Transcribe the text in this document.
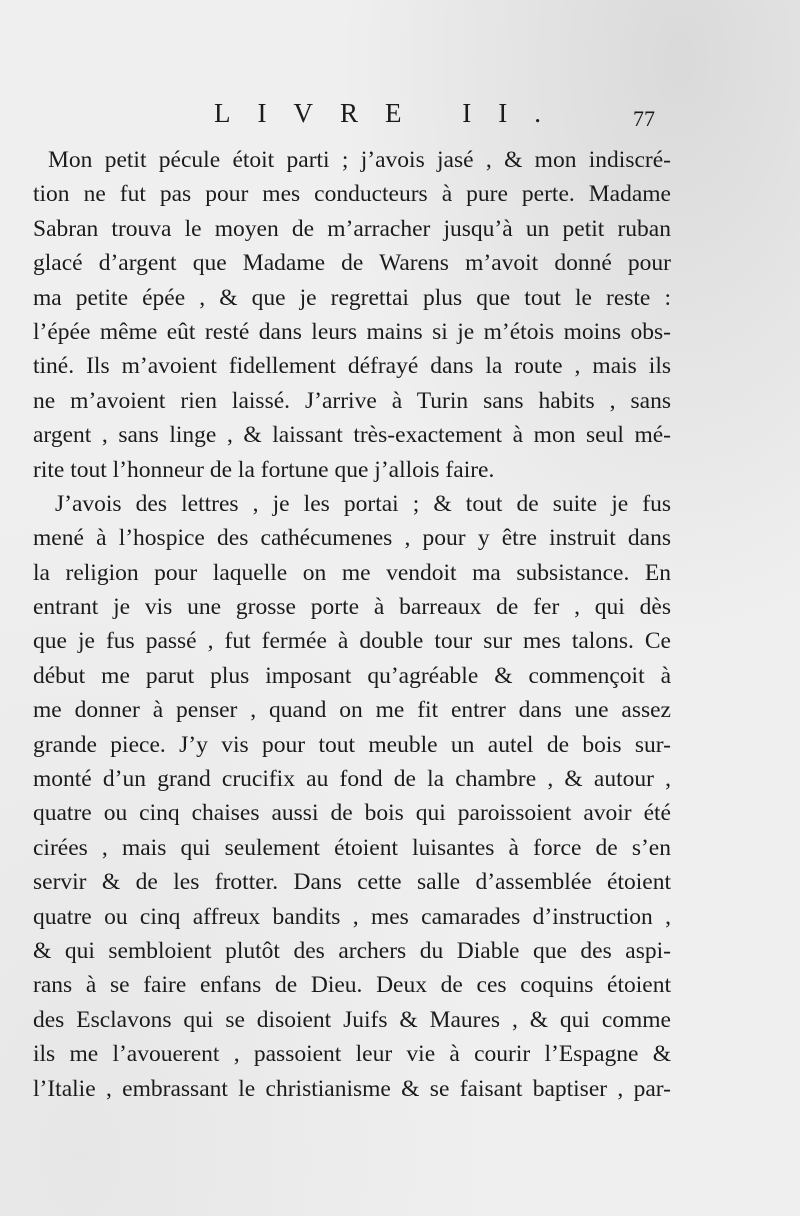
LIVRE II.	77
Mon petit pécule étoit parti ; j’avois jasé , & mon indiscré-
tion ne fut pas pour mes conducteurs à pure perte. Madame
Sabran trouva le moyen de m’arracher jusqu’à un petit ruban
glacé d’argent que Madame de Warens m’avoit donné pour
ma petite épée , & que je regrettai plus que tout le reste :
l’épée même eût resté dans leurs mains si je m’étois moins obs-
tiné. Ils m’avoient fidellement défrayé dans la route , mais ils
ne m’avoient rien laissé. J’arrive à Turin sans habits , sans
argent , sans linge , & laissant très-exactement à mon seul mé-
rite tout l’honneur de la fortune que j’allois faire.
J’avois des lettres , je les portai ; & tout de suite je fus
mené à l’hospice des cathécumenes , pour y être instruit dans
la religion pour laquelle on me vendoit ma subsistance. En
entrant je vis une grosse porte à barreaux de fer , qui dès
que je fus passé , fut fermée à double tour sur mes talons. Ce
début me parut plus imposant qu’agréable & commençoit à
me donner à penser , quand on me fit entrer dans une assez
grande piece. J’y vis pour tout meuble un autel de bois sur-
monté d’un grand crucifix au fond de la chambre , & autour ,
quatre ou cinq chaises aussi de bois qui paroissoient avoir été
cirées , mais qui seulement étoient luisantes à force de s’en
servir & de les frotter. Dans cette salle d’assemblée étoient
quatre ou cinq affreux bandits , mes camarades d’instruction ,
& qui sembloient plutôt des archers du Diable que des aspi-
rans à se faire enfans de Dieu. Deux de ces coquins étoient
des Esclavons qui se disoient Juifs & Maures , & qui comme
ils me l’avouerent , passoient leur vie à courir l’Espagne &
l’Italie , embrassant le christianisme & se faisant baptiser , par-
